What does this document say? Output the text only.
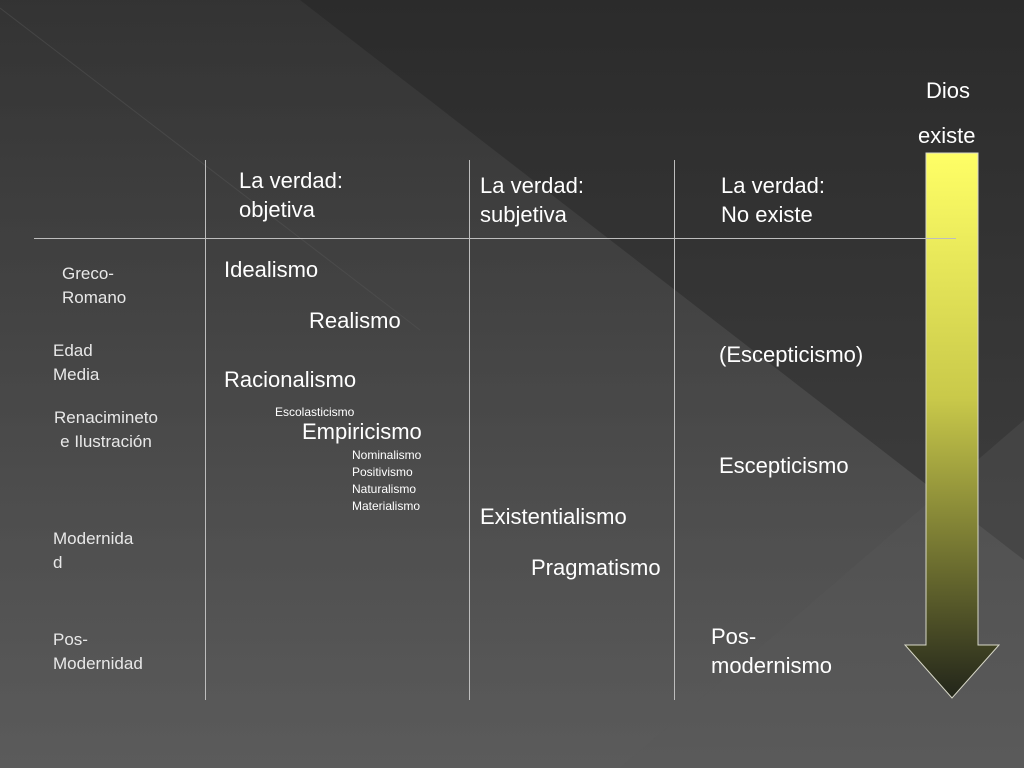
Dios
existe
La verdad:
objetiva
La verdad:
subjetiva
La verdad:
No existe
Greco-
Romano
Edad
Media
Renacimineto
e Ilustración
Modernida
d
Pos-
Modernidad
Idealismo
Realismo
Racionalismo
Escolasticismo
Empiricismo
Nominalismo
Positivismo
Naturalismo
Materialismo	Existentialismo
Pragmatismo
(Escepticismo)
Escepticismo
Pos-
modernismo
